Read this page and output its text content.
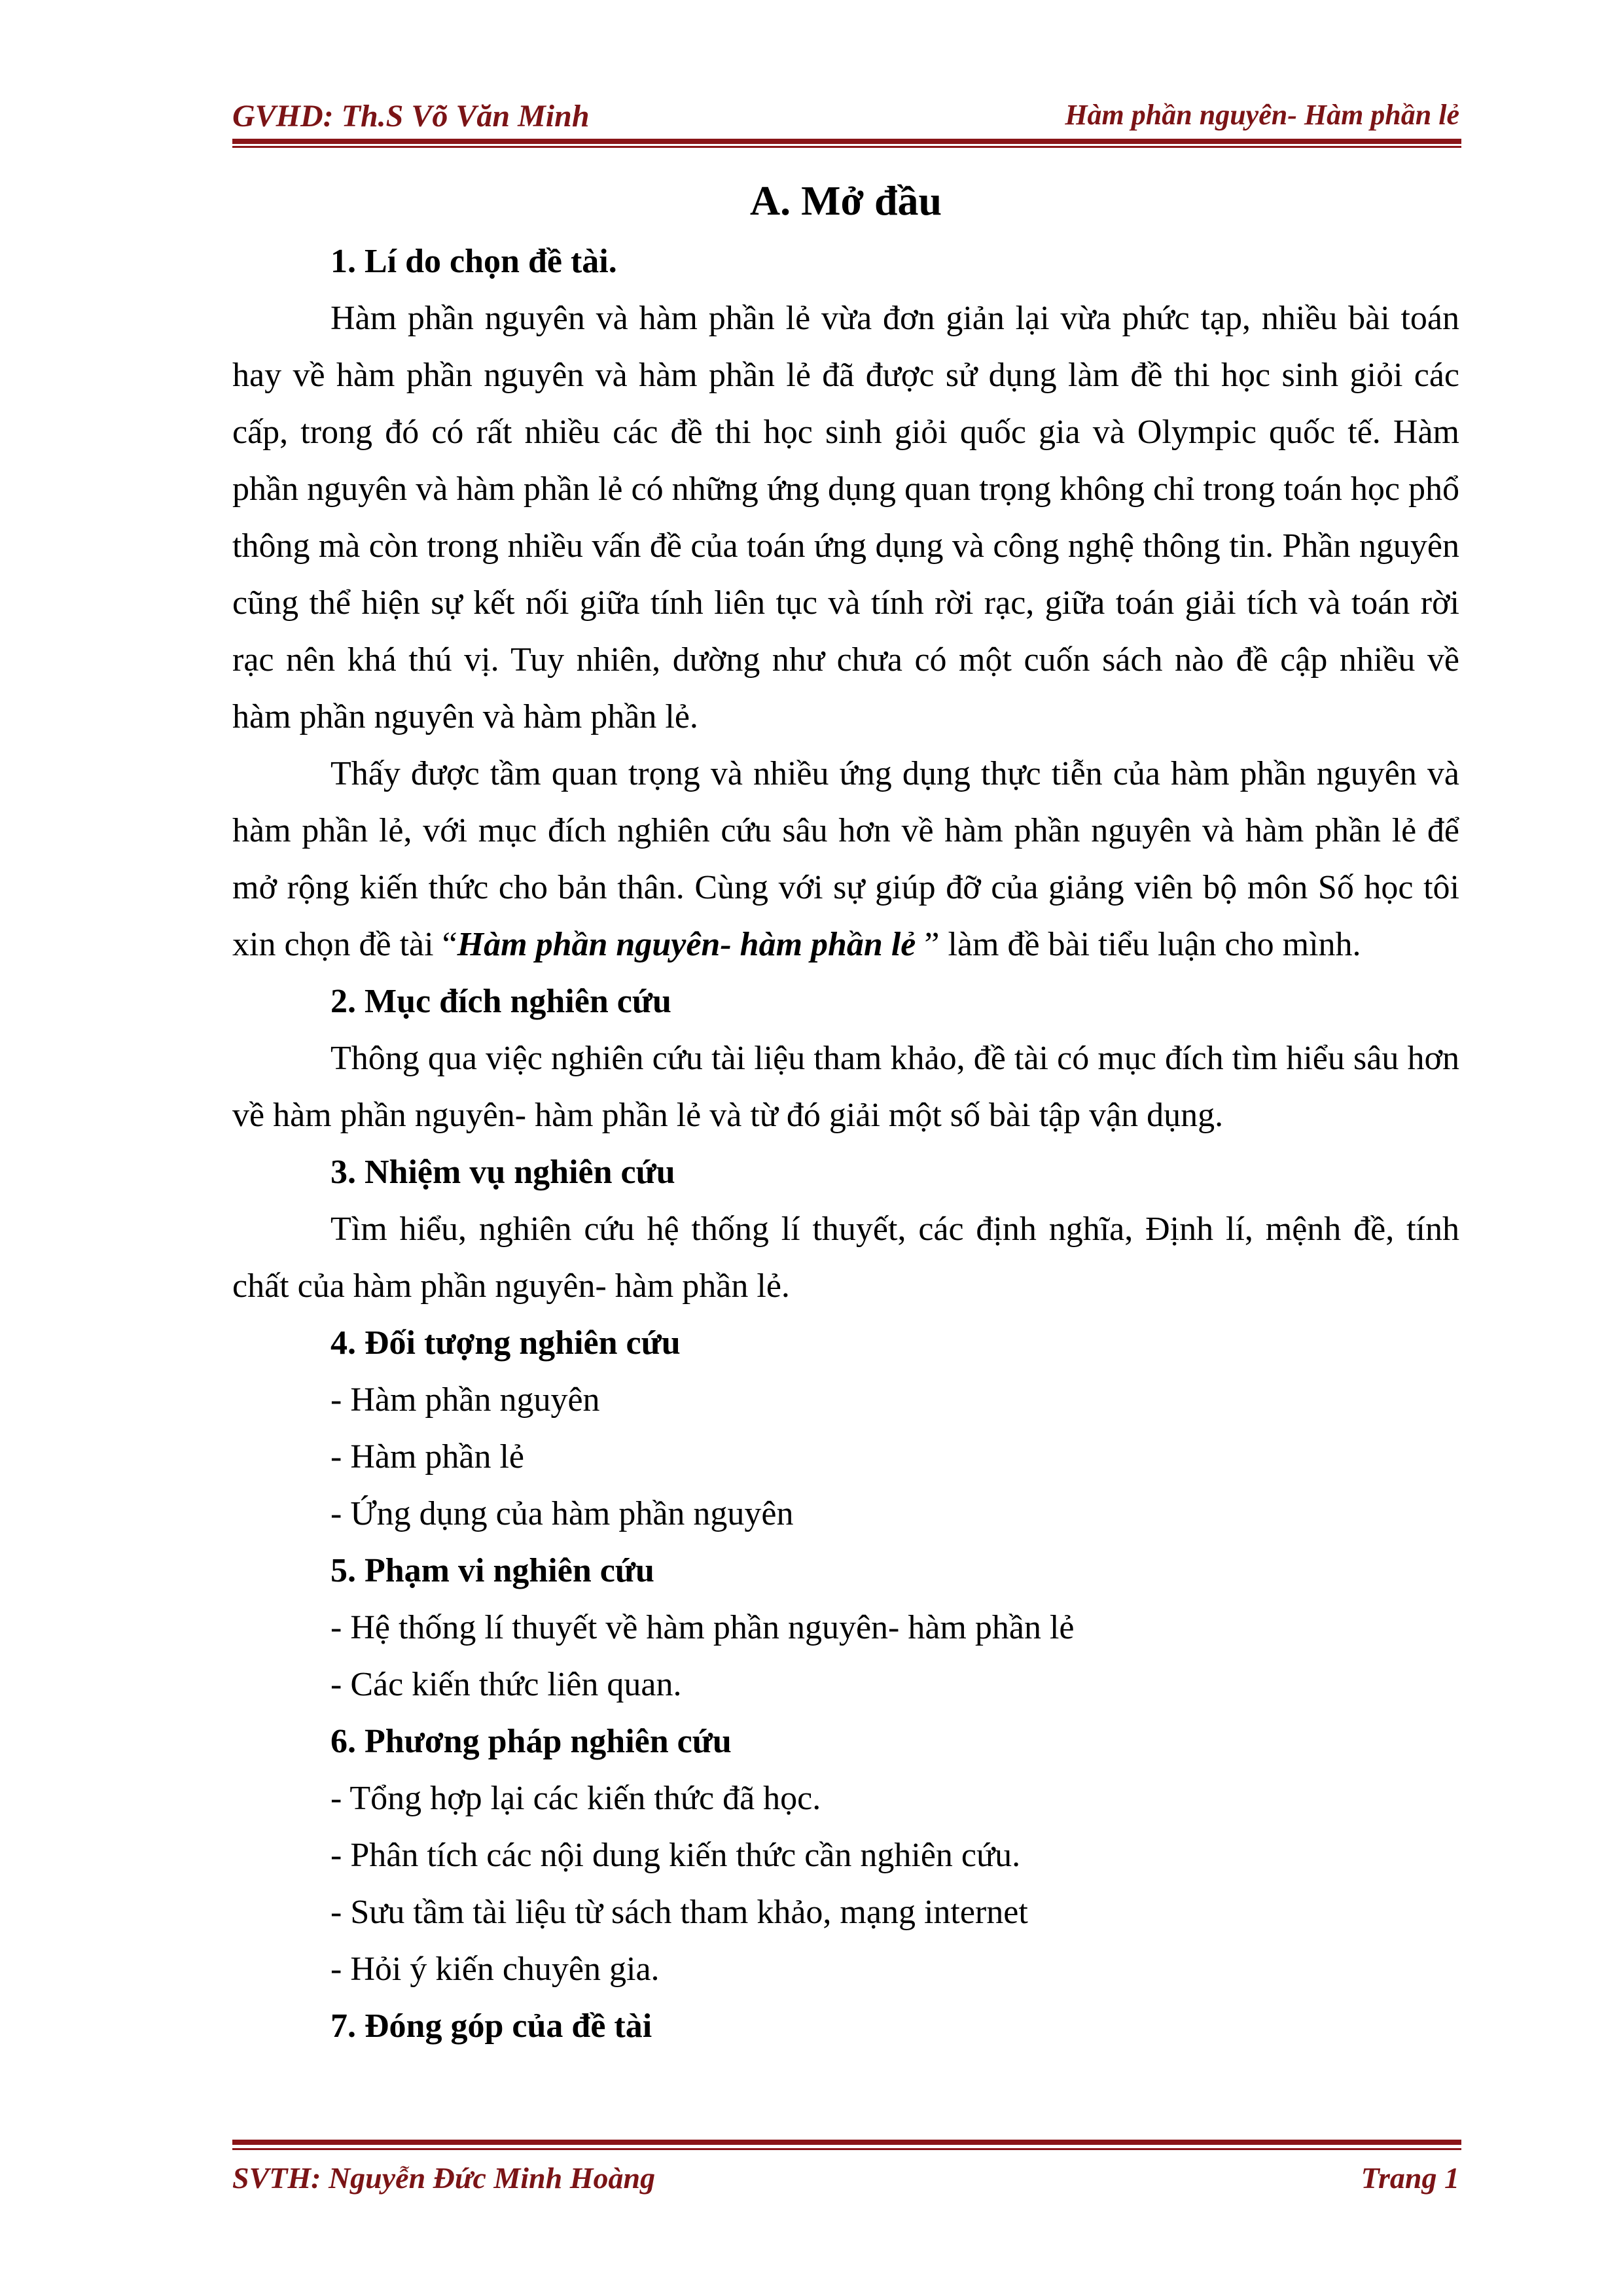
GVHD: Th.S Võ Văn Minh	Hàm phần nguyên- Hàm phần lẻ
A. Mở đầu
1. Lí do chọn đề tài.

Hàm phần nguyên và hàm phần lẻ vừa đơn giản lại vừa phức tạp, nhiều bài toán hay về hàm phần nguyên và hàm phần lẻ đã được sử dụng làm đề thi học sinh giỏi các cấp, trong đó có rất nhiều các đề thi học sinh giỏi quốc gia và Olympic quốc tế. Hàm phần nguyên và hàm phần lẻ có những ứng dụng quan trọng không chỉ trong toán học phổ thông mà còn trong nhiều vấn đề của toán ứng dụng và công nghệ thông tin. Phần nguyên cũng thể hiện sự kết nối giữa tính liên tục và tính rời rạc, giữa toán giải tích và toán rời rạc nên khá thú vị. Tuy nhiên, dường như chưa có một cuốn sách nào đề cập nhiều về hàm phần nguyên và hàm phần lẻ.

Thấy được tầm quan trọng và nhiều ứng dụng thực tiễn của hàm phần nguyên và hàm phần lẻ, với mục đích nghiên cứu sâu hơn về hàm phần nguyên và hàm phần lẻ để mở rộng kiến thức cho bản thân. Cùng với sự giúp đỡ của giảng viên bộ môn Số học tôi xin chọn đề tài “Hàm phần nguyên- hàm phần lẻ ” làm đề bài tiểu luận cho mình.

2. Mục đích nghiên cứu

Thông qua việc nghiên cứu tài liệu tham khảo, đề tài có mục đích tìm hiểu sâu hơn về hàm phần nguyên- hàm phần lẻ và từ đó giải một số bài tập vận dụng.

3. Nhiệm vụ nghiên cứu

Tìm hiểu, nghiên cứu hệ thống lí thuyết, các định nghĩa, Định lí, mệnh đề, tính chất của hàm phần nguyên- hàm phần lẻ.

4. Đối tượng nghiên cứu
- Hàm phần nguyên
- Hàm phần lẻ
- Ứng dụng của hàm phần nguyên
5. Phạm vi nghiên cứu
- Hệ thống lí thuyết về hàm phần nguyên- hàm phần lẻ
- Các kiến thức liên quan.
6. Phương pháp nghiên cứu
- Tổng hợp lại các kiến thức đã học.
- Phân tích các nội dung kiến thức cần nghiên cứu.
- Sưu tầm tài liệu từ sách tham khảo, mạng internet
- Hỏi ý kiến chuyên gia.
7. Đóng góp của đề tài
SVTH: Nguyễn Đức Minh Hoàng	Trang 1
